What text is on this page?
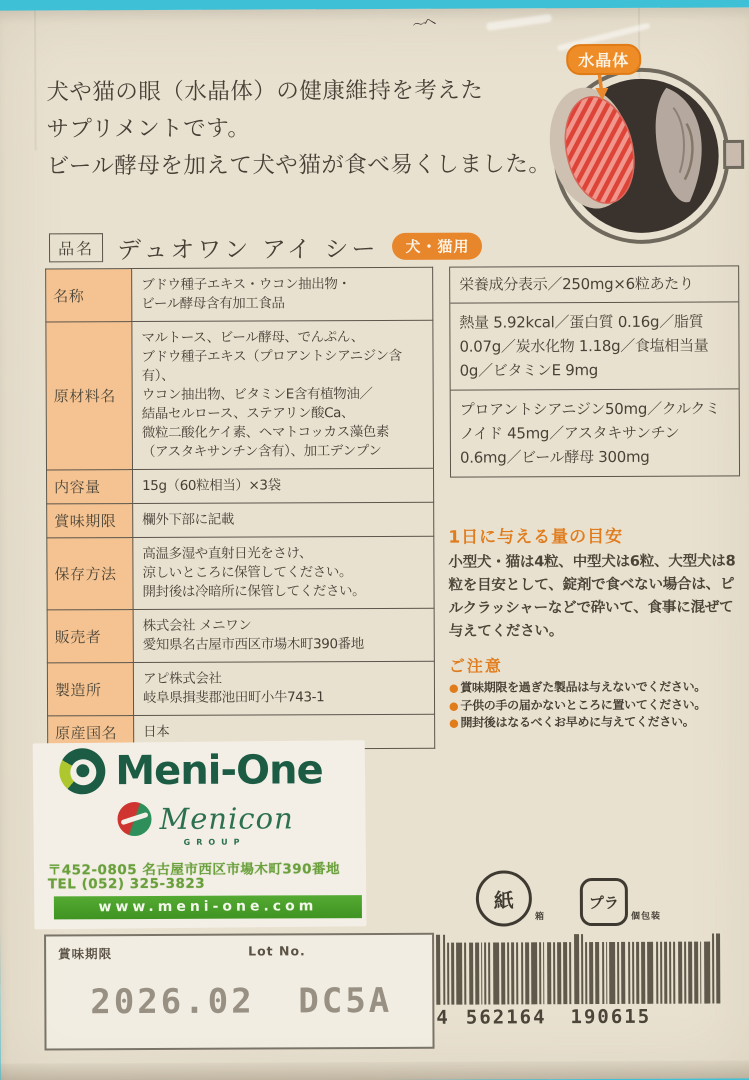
〜ヘ
犬や猫の眼（水晶体）の健康維持を考えた
サプリメントです。
ビール酵母を加えて犬や猫が食べ易くしました。
水晶体
品名 デュオワン アイ シー	犬・猫用
名称	ブドウ種子エキス・ウコン抽出物・
ビール酵母含有加工食品
原材料名	マルトース、ビール酵母、でんぷん、
ブドウ種子エキス（プロアントシアニジン含有）、
ウコン抽出物、ビタミンE含有植物油／
結晶セルロース、ステアリン酸Ca、
微粒二酸化ケイ素、ヘマトコッカス藻色素
（アスタキサンチン含有）、加工デンプン
内容量	15g（60粒相当）×3袋
賞味期限	欄外下部に記載
保存方法	高温多湿や直射日光をさけ、
涼しいところに保管してください。
開封後は冷暗所に保管してください。
販売者	株式会社 メニワン
愛知県名古屋市西区市場木町390番地
製造所	アピ株式会社
岐阜県揖斐郡池田町小牛743-1
原産国名	日本
栄養成分表示／250mg×6粒あたり
熱量 5.92kcal／蛋白質 0.16g／脂質 0.07g／炭水化物 1.18g／食塩相当量 0g／ビタミンE 9mg
プロアントシアニジン50mg／クルクミノイド 45mg／アスタキサンチン 0.6mg／ビール酵母 300mg
1日に与える量の目安
小型犬・猫は4粒、中型犬は6粒、大型犬は8粒を目安として、錠剤で食べない場合は、ピルクラッシャーなどで砕いて、食事に混ぜて与えてください。
ご注意
● 賞味期限を過ぎた製品は与えないでください。
● 子供の手の届かないところに置いてください。
● 開封後はなるべくお早めに与えてください。
Meni-One
Menicon
GROUP
〒452-0805 名古屋市西区市場木町390番地
TEL (052) 325-3823
www.meni-one.com
賞味期限	Lot No.
2026.02 DC5A
紙
箱
プラ
個包装
4 562164 190615
